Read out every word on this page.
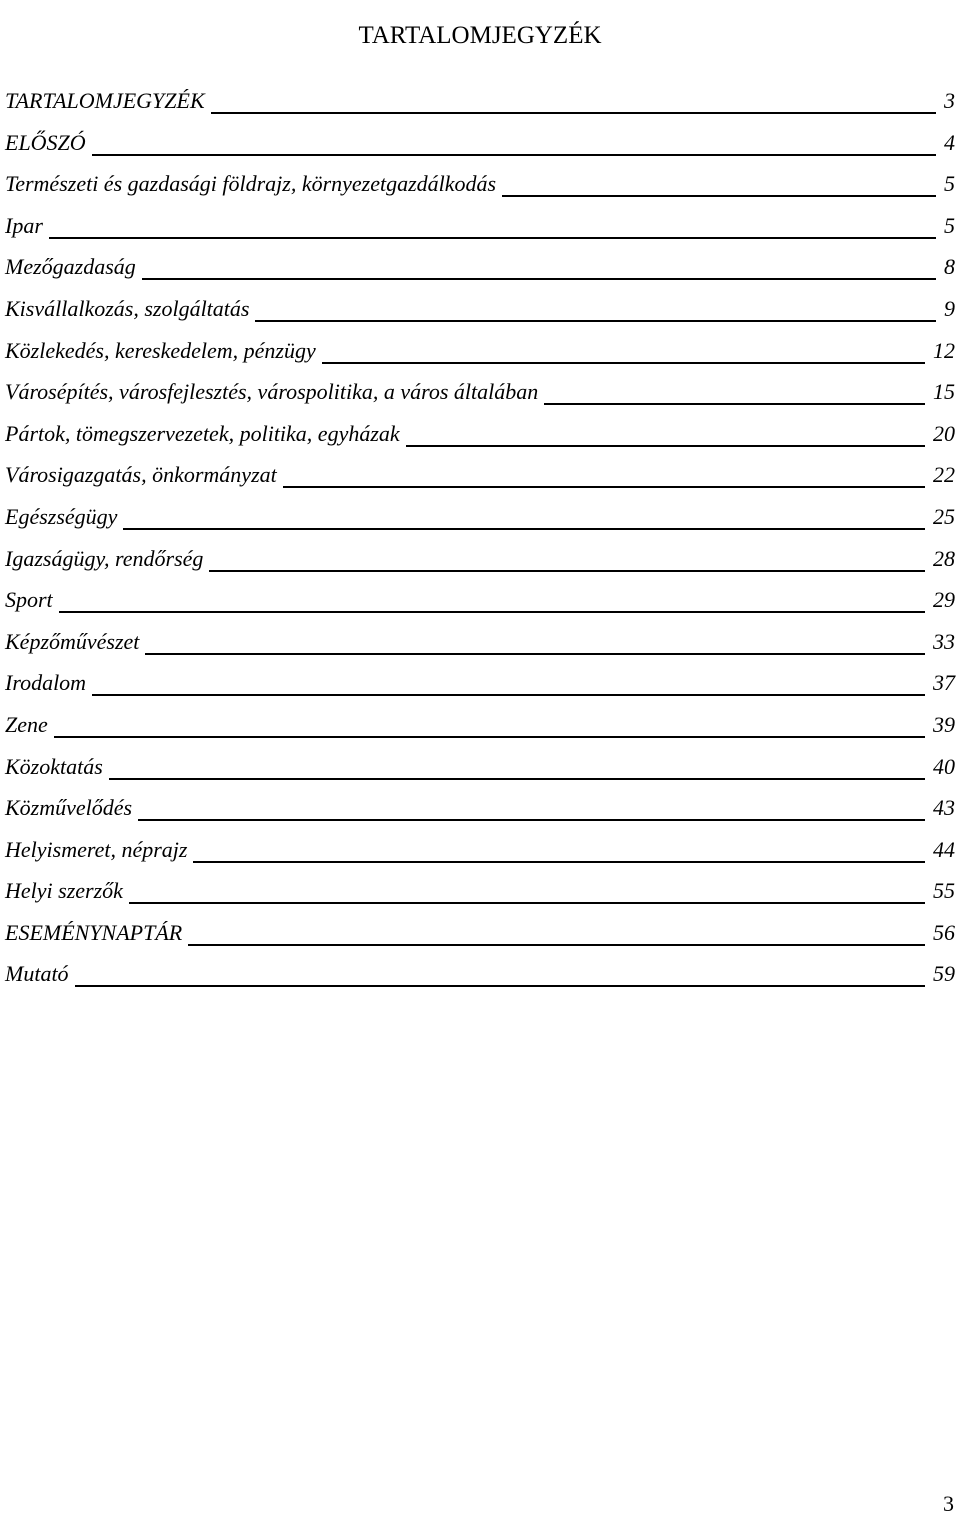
TARTALOMJEGYZÉK
TARTALOMJEGYZÉK	3
ELŐSZÓ	4
Természeti és gazdasági földrajz, környezetgazdálkodás	5
Ipar	5
Mezőgazdaság	8
Kisvállalkozás, szolgáltatás	9
Közlekedés, kereskedelem, pénzügy	12
Városépítés, városfejlesztés, várospolitika, a város általában	15
Pártok, tömegszervezetek, politika, egyházak	20
Városigazgatás, önkormányzat	22
Egészségügy	25
Igazságügy, rendőrség	28
Sport	29
Képzőművészet	33
Irodalom	37
Zene	39
Közoktatás	40
Közművelődés	43
Helyismeret, néprajz	44
Helyi szerzők	55
ESEMÉNYNAPTÁR	56
Mutató	59
3
